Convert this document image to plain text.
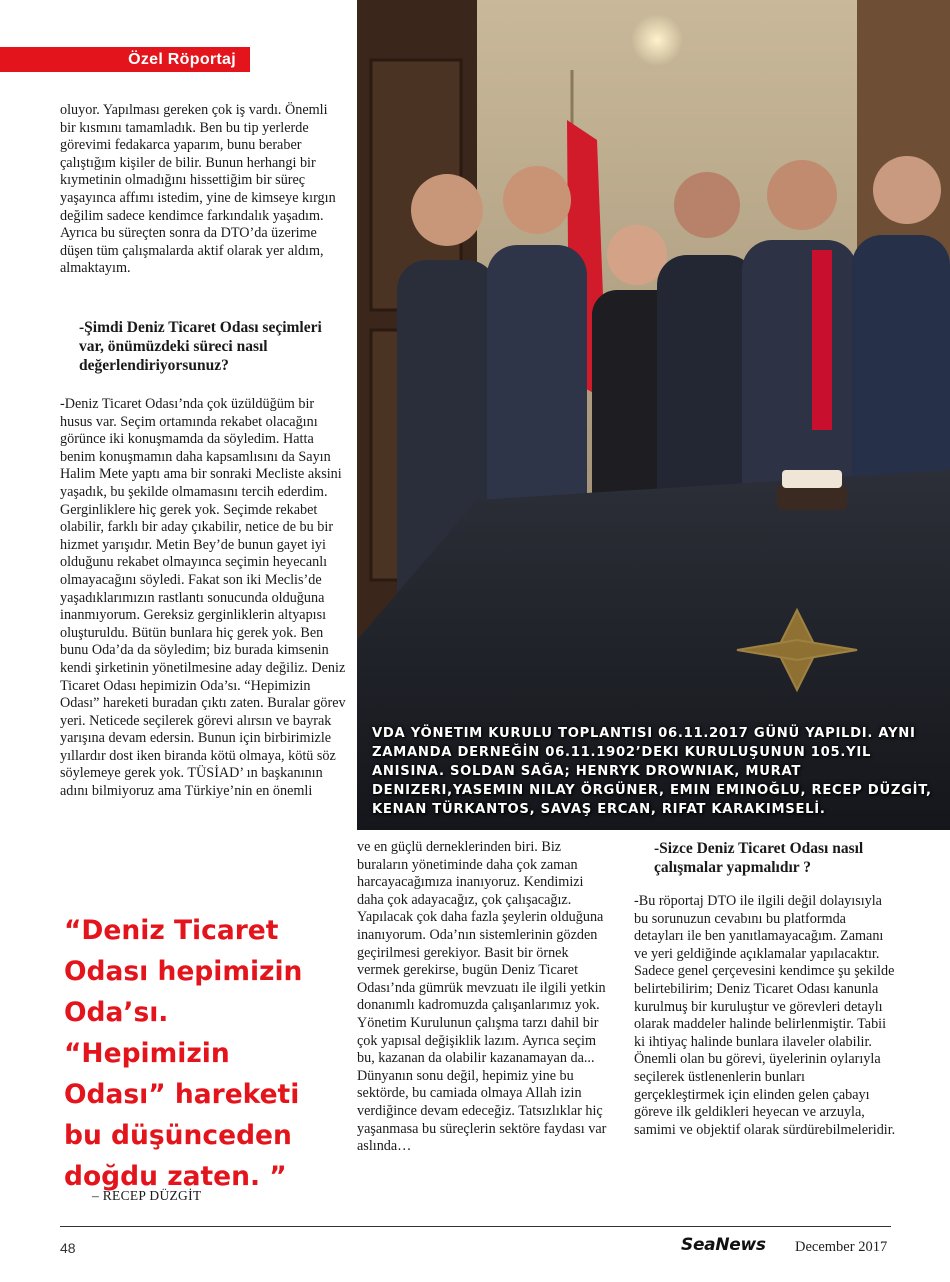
Özel Röportaj

oluyor. Yapılması gereken çok iş vardı. Önemli bir kısmını tamamladık. Ben bu tip yerlerde görevimi fedakarca yaparım, bunu beraber çalıştığım kişiler de bilir. Bunun herhangi bir kıymetinin olmadığını hissettiğim bir süreç yaşayınca affımı istedim, yine de kimseye kırgın değilim sadece kendimce farkındalık yaşadım. Ayrıca bu süreçten sonra da DTO’da üzerime düşen tüm çalışmalarda aktif olarak yer aldım, almaktayım.

-Şimdi Deniz Ticaret Odası seçimleri var, önümüzdeki süreci nasıl değerlendiriyorsunuz?

-Deniz Ticaret Odası’nda çok üzüldüğüm bir husus var. Seçim ortamında rekabet olacağını görünce iki konuşmamda da söyledim. Hatta benim konuşmamın daha kapsamlısını da Sayın Halim Mete yaptı ama bir sonraki Mecliste aksini yaşadık, bu şekilde olmamasını tercih ederdim. Gerginliklere hiç gerek yok. Seçimde rekabet olabilir, farklı bir aday çıkabilir, netice de bu bir hizmet yarışıdır. Metin Bey’de bunun gayet iyi olduğunu rekabet olmayınca seçimin heyecanlı olmayacağını söyledi. Fakat son iki Meclis’de yaşadıklarımızın rastlantı sonucunda olduğuna inanmıyorum. Gereksiz gerginliklerin altyapısı oluşturuldu. Bütün bunlara hiç gerek yok. Ben bunu Oda’da da söyledim; biz burada kimsenin kendi şirketinin yönetilmesine aday değiliz. Deniz Ticaret Odası hepimizin Oda’sı. “Hepimizin Odası” hareketi buradan çıktı zaten. Buralar görev yeri. Neticede seçilerek görevi alırsın ve bayrak yarışına devam edersin. Bunun için birbirimizle yıllardır dost iken biranda kötü olmaya, kötü söz söylemeye gerek yok. TÜSİAD’ ın başkanının adını bilmiyoruz ama Türkiye’nin en önemli

“Deniz Ticaret Odası hepimizin Oda’sı. “Hepimizin Odası” hareketi bu düşünceden doğdu zaten. ”

– RECEP DÜZGİT

VDA YÖNETIM KURULU TOPLANTISI 06.11.2017 GÜNÜ YAPILDI. AYNI ZAMANDA DERNEĞİN 06.11.1902’DEKI KURULUŞUNUN 105.YIL ANISINA. SOLDAN SAĞA; HENRYK DROWNIAK, MURAT DENIZERI,YASEMIN NILAY ÖRGÜNER, EMIN EMINOĞLU, RECEP DÜZGİT, KENAN TÜRKANTOS, SAVAŞ ERCAN, RIFAT KARAKIMSELİ.

ve en güçlü derneklerinden biri. Biz buraların yönetiminde daha çok zaman harcayacağımıza inanıyoruz. Kendimizi daha çok adayacağız, çok çalışacağız. Yapılacak çok daha fazla şeylerin olduğuna inanıyorum. Oda’nın sistemlerinin gözden geçirilmesi gerekiyor. Basit bir örnek vermek gerekirse, bugün Deniz Ticaret Odası’nda gümrük mevzuatı ile ilgili yetkin donanımlı kadromuzda çalışanlarımız yok. Yönetim Kurulunun çalışma tarzı dahil bir çok yapısal değişiklik lazım. Ayrıca seçim bu, kazanan da olabilir kazanamayan da... Dünyanın sonu değil, hepimiz yine bu sektörde, bu camiada olmaya Allah izin verdiğince devam edeceğiz. Tatsızlıklar hiç yaşanmasa bu süreçlerin sektöre faydası var aslında…

-Sizce Deniz Ticaret Odası nasıl çalışmalar yapmalıdır ?

-Bu röportaj DTO ile ilgili değil dolayısıyla bu sorunuzun cevabını bu platformda detayları ile ben yanıtlamayacağım. Zamanı ve yeri geldiğinde açıklamalar yapılacaktır. Sadece genel çerçevesini kendimce şu şekilde belirtebilirim; Deniz Ticaret Odası kanunla kurulmuş bir kuruluştur ve görevleri detaylı olarak maddeler halinde belirlenmiştir. Tabii ki ihtiyaç halinde bunlara ilaveler olabilir. Önemli olan bu görevi, üyelerinin oylarıyla seçilerek üstlenenlerin bunları gerçekleştirmek için elinden gelen çabayı göreve ilk geldikleri heyecan ve arzuyla, samimi ve objektif olarak sürdürebilmeleridir.

48	SeaNews December 2017
